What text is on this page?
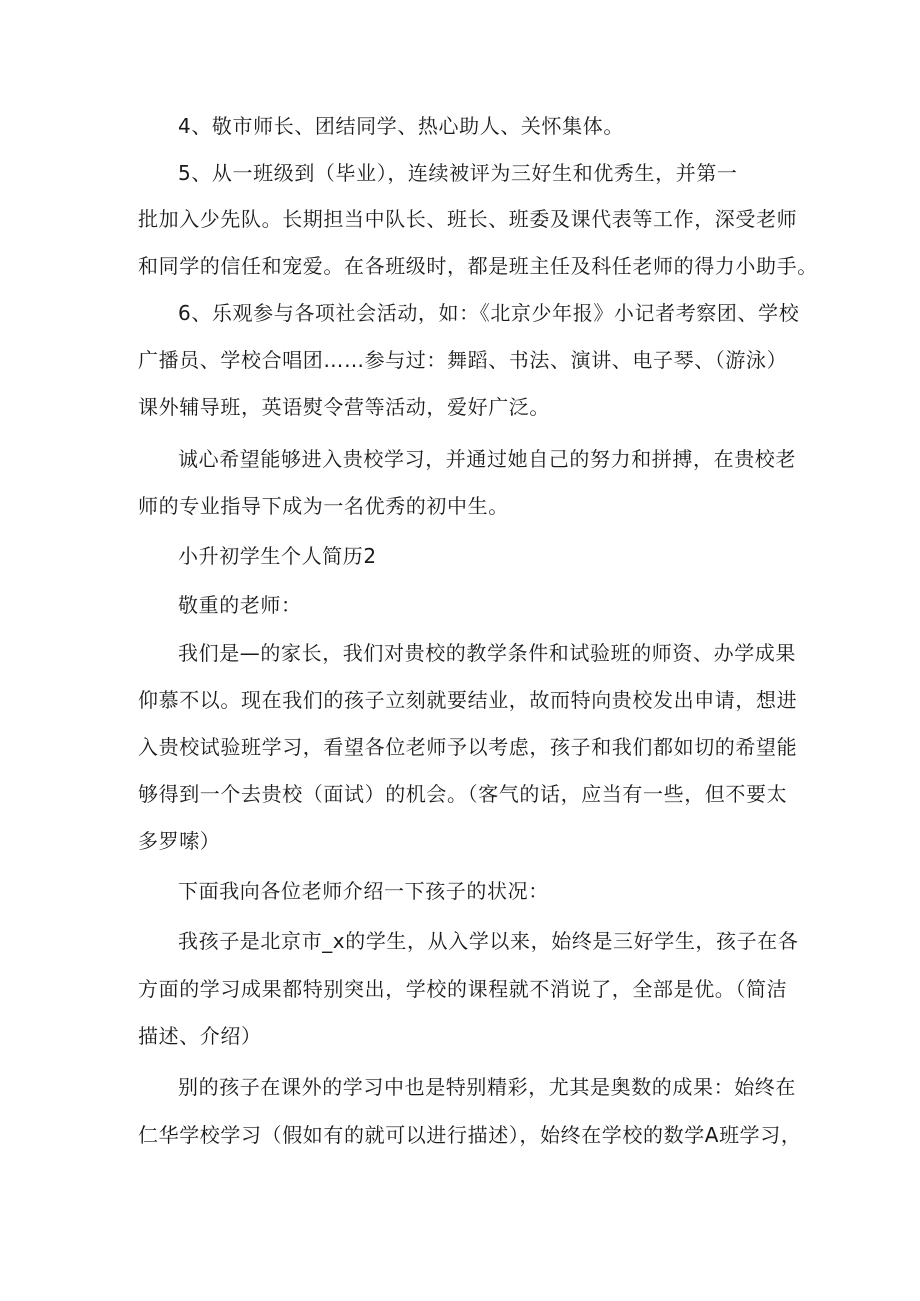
4、敬市师长、团结同学、热心助人、关怀集体。
5、从一班级到（毕业），连续被评为三好生和优秀生，并第一
批加入少先队。长期担当中队长、班长、班委及课代表等工作，深受老师
和同学的信任和宠爱。在各班级时，都是班主任及科任老师的得力小助手。
6、乐观参与各项社会活动，如：《北京少年报》小记者考察团、学校
广播员、学校合唱团……参与过：舞蹈、书法、演讲、电子琴、（游泳）
课外辅导班，英语熨令营等活动，爱好广泛。
诚心希望能够进入贵校学习，并通过她自己的努力和拼搏，在贵校老
师的专业指导下成为一名优秀的初中生。
小升初学生个人简历2
敬重的老师：
我们是—的家长，我们对贵校的教学条件和试验班的师资、办学成果
仰慕不以。现在我们的孩子立刻就要结业，故而特向贵校发出申请，想进
入贵校试验班学习，看望各位老师予以考虑，孩子和我们都如切的希望能
够得到一个去贵校（面试）的机会。（客气的话，应当有一些，但不要太
多罗嗦）
下面我向各位老师介绍一下孩子的状况：
我孩子是北京市_x的学生，从入学以来，始终是三好学生，孩子在各
方面的学习成果都特别突出，学校的课程就不消说了，全部是优。（简洁
描述、介绍）
别的孩子在课外的学习中也是特别精彩，尤其是奥数的成果：始终在
仁华学校学习（假如有的就可以进行描述），始终在学校的数学A班学习，
